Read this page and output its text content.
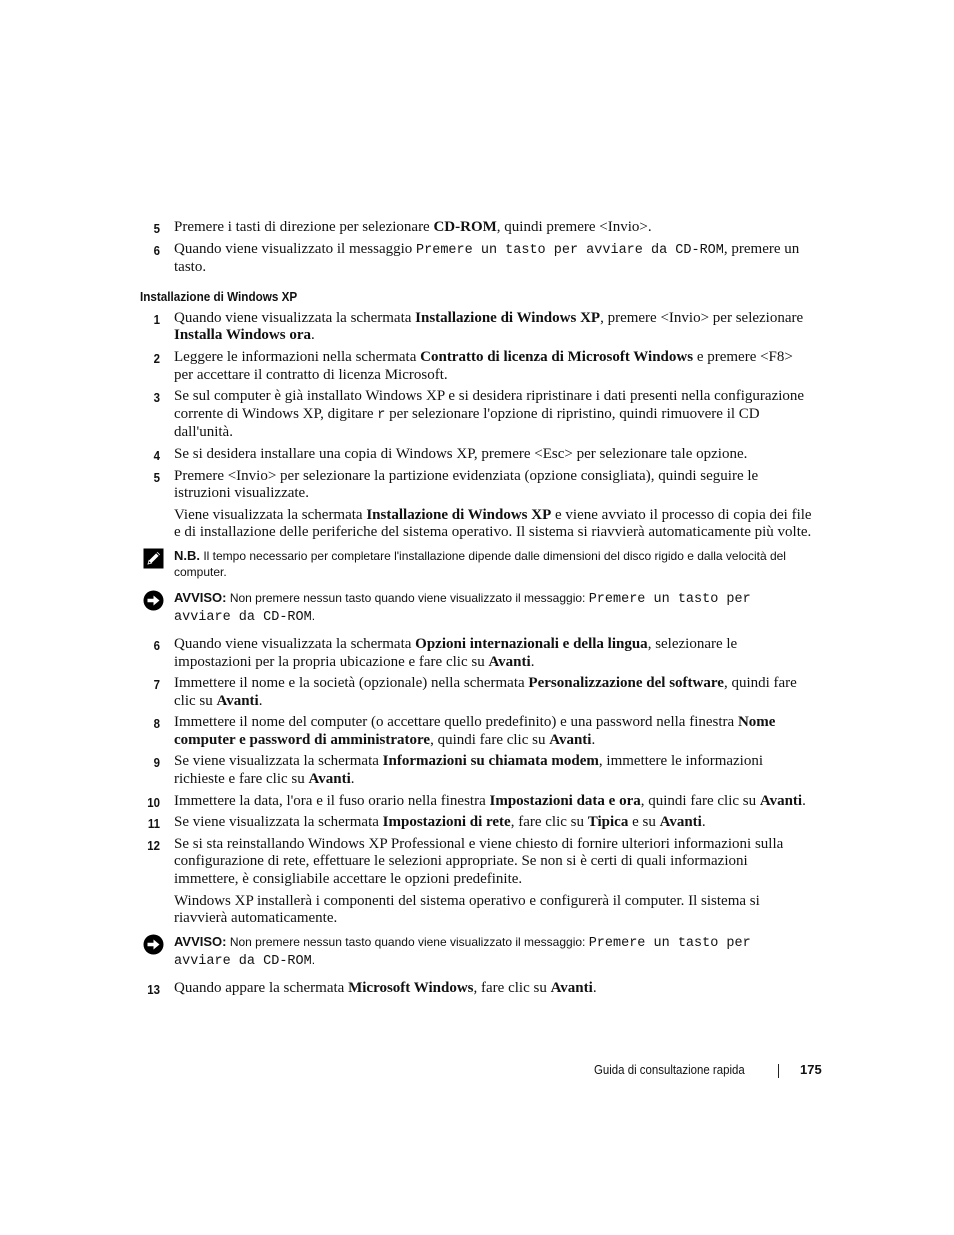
5 Premere i tasti di direzione per selezionare CD-ROM, quindi premere <Invio>.
6 Quando viene visualizzato il messaggio Premere un tasto per avviare da CD-ROM, premere un tasto.
Installazione di Windows XP
1 Quando viene visualizzata la schermata Installazione di Windows XP, premere <Invio> per selezionare Installa Windows ora.
2 Leggere le informazioni nella schermata Contratto di licenza di Microsoft Windows e premere <F8> per accettare il contratto di licenza Microsoft.
3 Se sul computer è già installato Windows XP e si desidera ripristinare i dati presenti nella configurazione corrente di Windows XP, digitare r per selezionare l'opzione di ripristino, quindi rimuovere il CD dall'unità.
4 Se si desidera installare una copia di Windows XP, premere <Esc> per selezionare tale opzione.
5 Premere <Invio> per selezionare la partizione evidenziata (opzione consigliata), quindi seguire le istruzioni visualizzate.
Viene visualizzata la schermata Installazione di Windows XP e viene avviato il processo di copia dei file e di installazione delle periferiche del sistema operativo. Il sistema si riavvierà automaticamente più volte.
N.B. Il tempo necessario per completare l'installazione dipende dalle dimensioni del disco rigido e dalla velocità del computer.
AVVISO: Non premere nessun tasto quando viene visualizzato il messaggio: Premere un tasto per avviare da CD-ROM.
6 Quando viene visualizzata la schermata Opzioni internazionali e della lingua, selezionare le impostazioni per la propria ubicazione e fare clic su Avanti.
7 Immettere il nome e la società (opzionale) nella schermata Personalizzazione del software, quindi fare clic su Avanti.
8 Immettere il nome del computer (o accettare quello predefinito) e una password nella finestra Nome computer e password di amministratore, quindi fare clic su Avanti.
9 Se viene visualizzata la schermata Informazioni su chiamata modem, immettere le informazioni richieste e fare clic su Avanti.
10 Immettere la data, l'ora e il fuso orario nella finestra Impostazioni data e ora, quindi fare clic su Avanti.
11 Se viene visualizzata la schermata Impostazioni di rete, fare clic su Tipica e su Avanti.
12 Se si sta reinstallando Windows XP Professional e viene chiesto di fornire ulteriori informazioni sulla configurazione di rete, effettuare le selezioni appropriate. Se non si è certi di quali informazioni immettere, è consigliabile accettare le opzioni predefinite.
Windows XP installerà i componenti del sistema operativo e configurerà il computer. Il sistema si riavvierà automaticamente.
AVVISO: Non premere nessun tasto quando viene visualizzato il messaggio: Premere un tasto per avviare da CD-ROM.
13 Quando appare la schermata Microsoft Windows, fare clic su Avanti.
Guida di consultazione rapida	175
